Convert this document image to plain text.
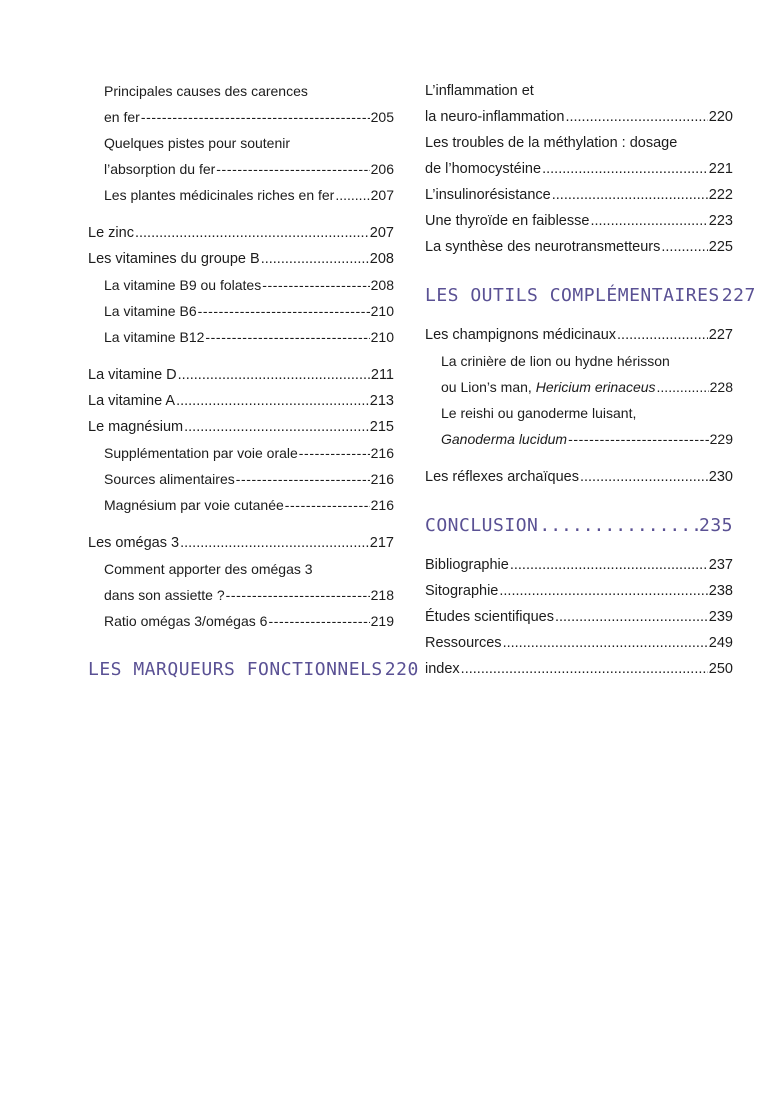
Principales causes des carences
en fer -----	205
Quelques pistes pour soutenir
l’absorption du fer -----	206
Les plantes médicinales riches en fer .....	207
Le zinc .....	207
Les vitamines du groupe B .....	208
La vitamine B9 ou folates -----	208
La vitamine B6 -----	210
La vitamine B12 -----	210
La vitamine D .....	211
La vitamine A .....	213
Le magnésium .....	215
Supplémentation par voie orale -----	216
Sources alimentaires -----	216
Magnésium par voie cutanée -----	216
Les omégas 3 .....	217
Comment apporter des omégas 3
dans son assiette ? -----	218
Ratio omégas 3/omégas 6 -----	219
LES MARQUEURS FONCTIONNELS 220
L’inflammation et
la neuro-inflammation .....	220
Les troubles de la méthylation : dosage
de l’homocystéine .....	221
L’insulinorésistance .....	222
Une thyroïde en faiblesse .....	223
La synthèse des neurotransmetteurs .....	225
LES OUTILS COMPLÉMENTAIRES 227
Les champignons médicinaux .....	227
La crinière de lion ou hydne hérisson
ou Lion’s man, Hericium erinaceus .....	228
Le reishi ou ganoderme luisant,
Ganoderma lucidum -----	229
Les réflexes archaïques .....	230
CONCLUSION .....	235
Bibliographie .....	237
Sitographie .....	238
Études scientifiques .....	239
Ressources .....	249
index .....	250
